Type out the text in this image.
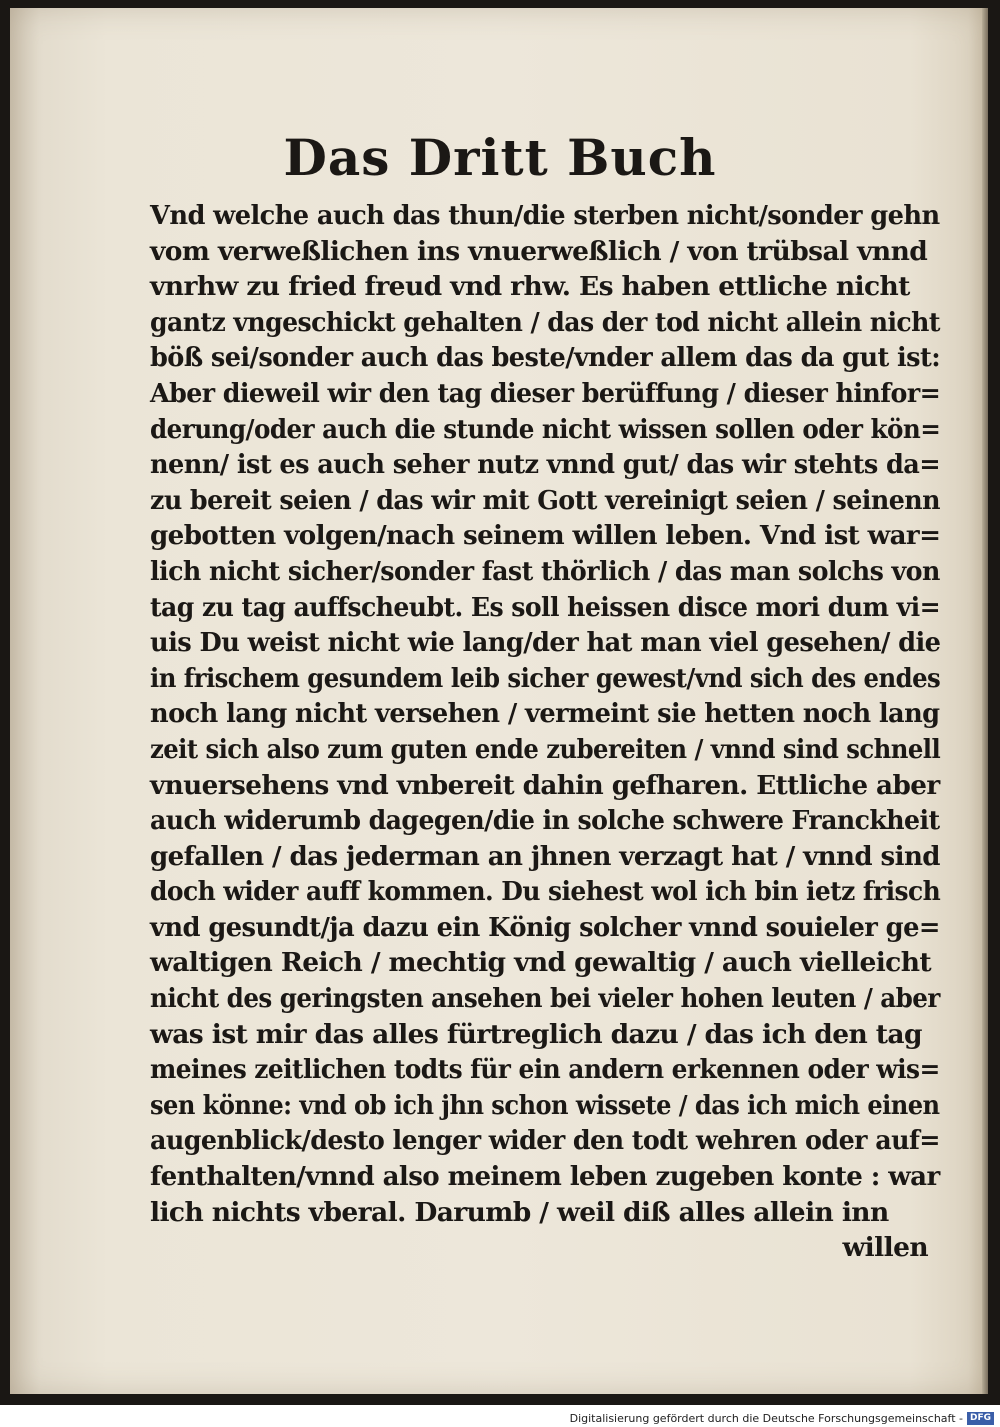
Das Dritt Buch
Vnd welche auch das thun/die sterben nicht/sonder gehn
vom verweßlichen ins vnuerweßlich / von trübsal vnnd
vnrhw zu fried freud vnd rhw. Es haben ettliche nicht
gantz vngeschickt gehalten / das der tod nicht allein nicht
böß sei/sonder auch das beste/vnder allem das da gut ist:
Aber dieweil wir den tag dieser berüffung / dieser hinfor=
derung/oder auch die stunde nicht wissen sollen oder kön=
nenn/ ist es auch seher nutz vnnd gut/ das wir stehts da=
zu bereit seien / das wir mit Gott vereinigt seien / seinenn
gebotten volgen/nach seinem willen leben. Vnd ist war=
lich nicht sicher/sonder fast thörlich / das man solchs von
tag zu tag auffscheubt. Es soll heissen disce mori dum vi=
uis Du weist nicht wie lang/der hat man viel gesehen/ die
in frischem gesundem leib sicher gewest/vnd sich des endes
noch lang nicht versehen / vermeint sie hetten noch lang
zeit sich also zum guten ende zubereiten / vnnd sind schnell
vnuersehens vnd vnbereit dahin gefharen. Ettliche aber
auch widerumb dagegen/die in solche schwere Franckheit
gefallen / das jederman an jhnen verzagt hat / vnnd sind
doch wider auff kommen. Du siehest wol ich bin ietz frisch
vnd gesundt/ja dazu ein König solcher vnnd souieler ge=
waltigen Reich / mechtig vnd gewaltig / auch vielleicht
nicht des geringsten ansehen bei vieler hohen leuten / aber
was ist mir das alles fürtreglich dazu / das ich den tag
meines zeitlichen todts für ein andern erkennen oder wis=
sen könne: vnd ob ich jhn schon wissete / das ich mich einen
augenblick/desto lenger wider den todt wehren oder auf=
fenthalten/vnnd also meinem leben zugeben konte : war
lich nichts vberal. Darumb / weil diß alles allein inn
willen
Digitalisierung gefördert durch die Deutsche Forschungsgemeinschaft - DFG
